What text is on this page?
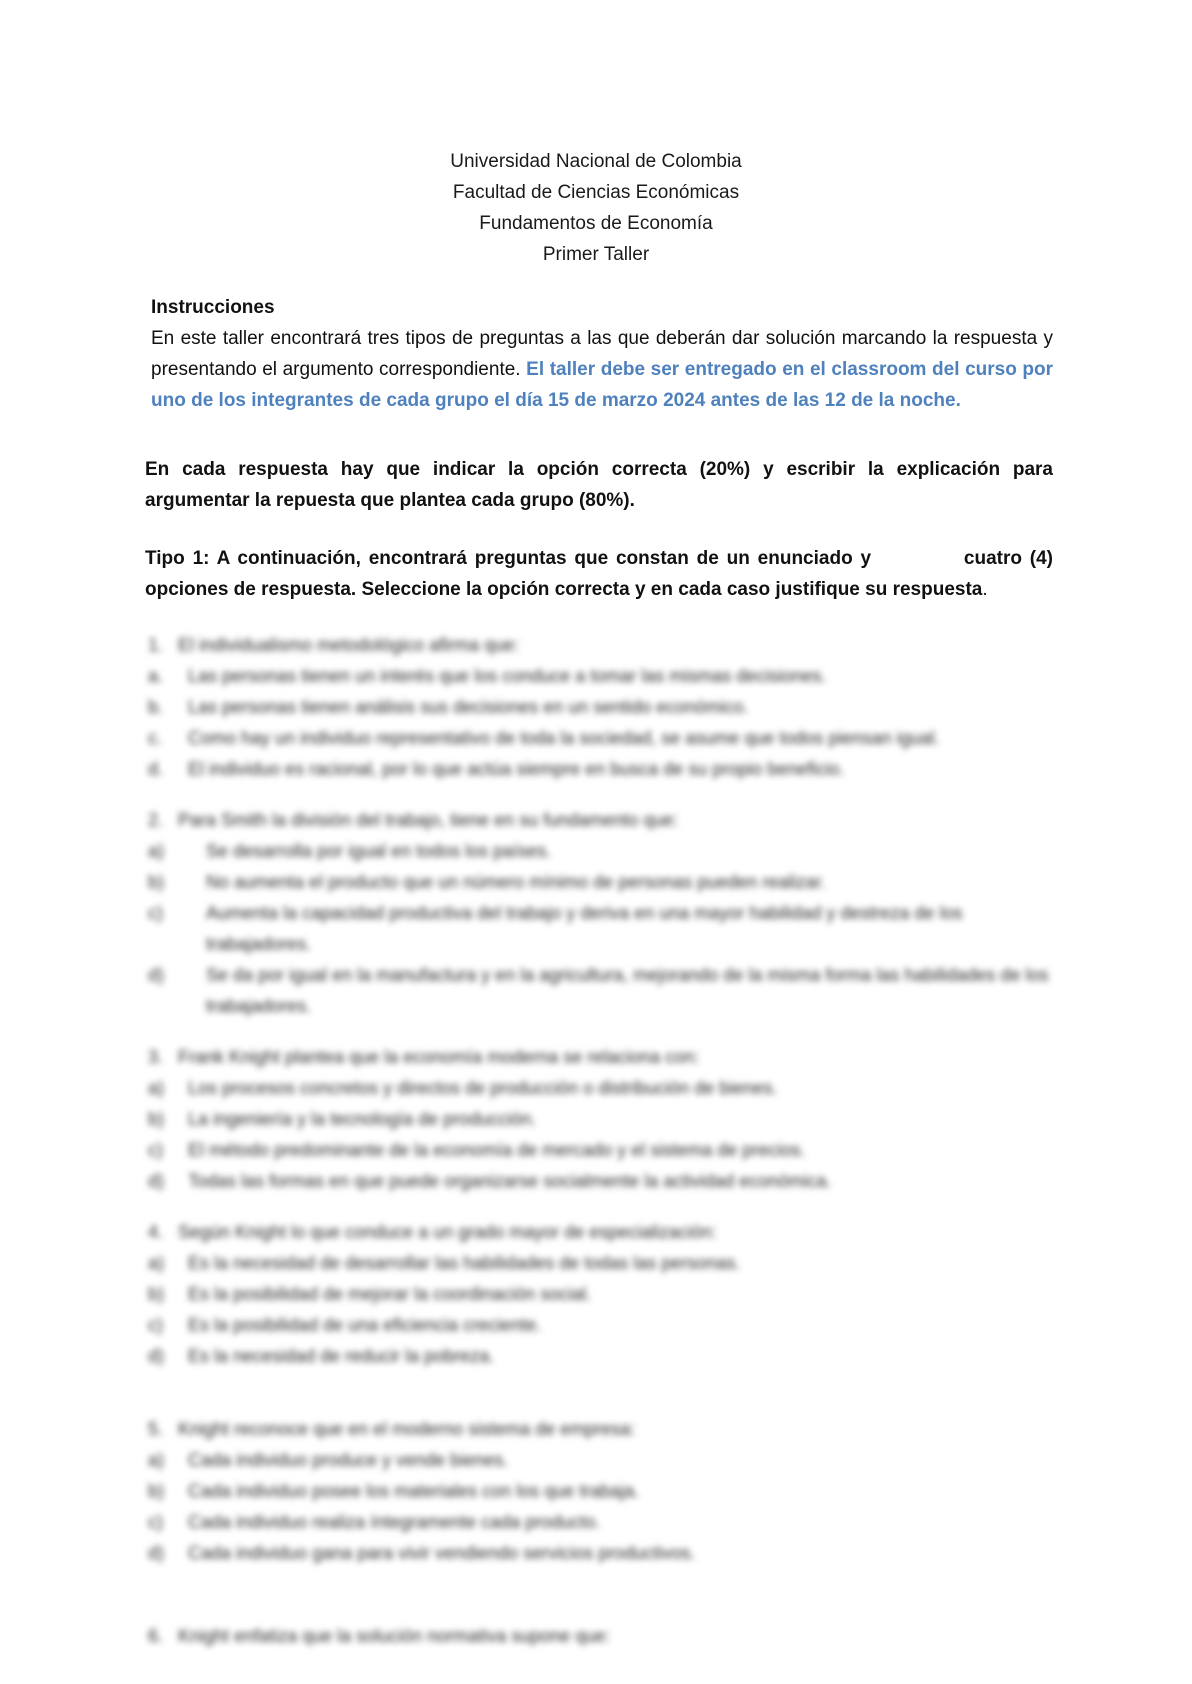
Universidad Nacional de Colombia
Facultad de Ciencias Económicas
Fundamentos de Economía
Primer Taller
Instrucciones
En este taller encontrará tres tipos de preguntas a las que deberán dar solución marcando la respuesta y presentando el argumento correspondiente. El taller debe ser entregado en el classroom del curso por uno de los integrantes de cada grupo el día 15 de marzo 2024 antes de las 12 de la noche.
En cada respuesta hay que indicar la opción correcta (20%) y escribir la explicación para argumentar la repuesta que plantea cada grupo (80%).
Tipo 1: A continuación, encontrará preguntas que constan de un enunciado y	cuatro (4) opciones de respuesta. Seleccione la opción correcta y en cada caso justifique su respuesta.
1. El individualismo metodológico afirma que:
a.	Las personas tienen un interés que los conduce a tomar las mismas decisiones.
b.	Las personas tienen análisis sus decisiones en un sentido económico.
c.	Como hay un individuo representativo de toda la sociedad, se asume que todos piensan igual.
d.	El individuo es racional, por lo que actúa siempre en busca de su propio beneficio.
2. Para Smith la división del trabajo, tiene en su fundamento que:
a)	Se desarrolla por igual en todos los países.
b)	No aumenta el producto que un número mínimo de personas pueden realizar.
c)	Aumenta la capacidad productiva del trabajo y deriva en una mayor habilidad y destreza de los trabajadores.
d)	Se da por igual en la manufactura y en la agricultura, mejorando de la misma forma las habilidades de los trabajadores.
3. Frank Knight plantea que la economía moderna se relaciona con:
a)	Los procesos concretos y directos de producción o distribución de bienes.
b)	La ingeniería y la tecnología de producción.
c)	El método predominante de la economía de mercado y el sistema de precios.
d)	Todas las formas en que puede organizarse socialmente la actividad económica.
4. Según Knight lo que conduce a un grado mayor de especialización:
a)	Es la necesidad de desarrollar las habilidades de todas las personas.
b)	Es la posibilidad de mejorar la coordinación social.
c)	Es la posibilidad de una eficiencia creciente.
d)	Es la necesidad de reducir la pobreza.
5. Knight reconoce que en el moderno sistema de empresa:
a)	Cada individuo produce y vende bienes.
b)	Cada individuo posee los materiales con los que trabaja.
c)	Cada individuo realiza íntegramente cada producto.
d)	Cada individuo gana para vivir vendiendo servicios productivos.
6. Knight enfatiza que la solución normativa supone que:
